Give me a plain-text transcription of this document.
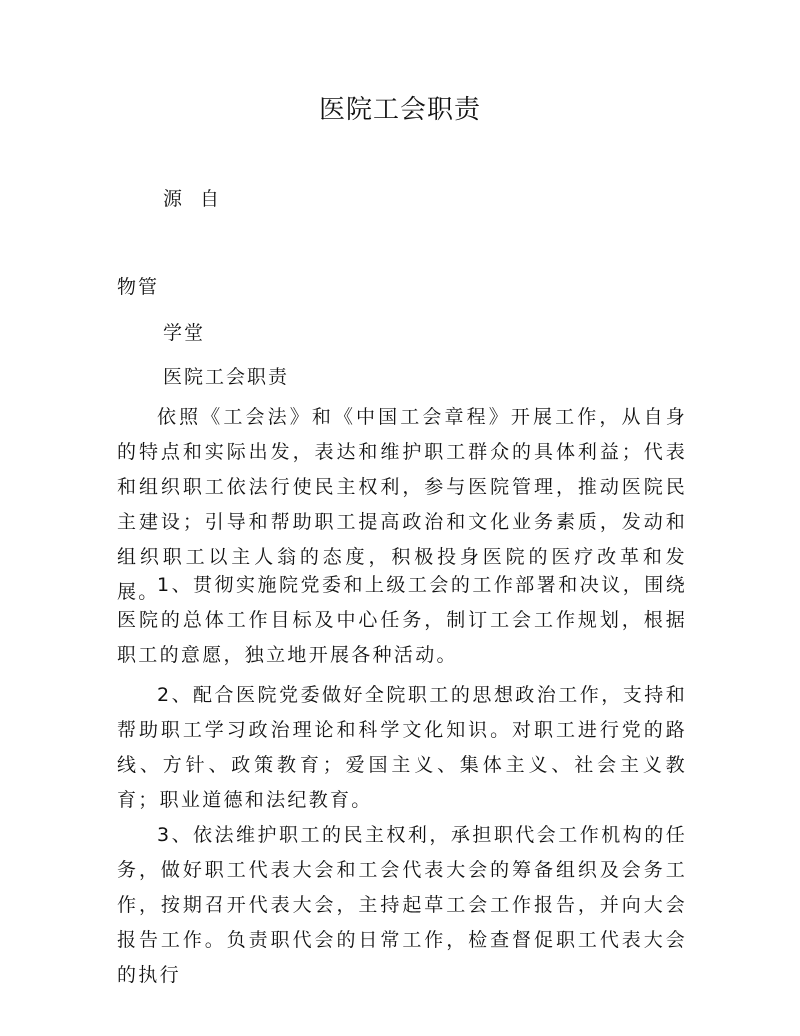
医院工会职责
源 自
物管
学堂
医院工会职责

依照《工会法》和《中国工会章程》开展工作，从自身的特点和实际出发，表达和维护职工群众的具体利益；代表和组织职工依法行使民主权利，参与医院管理，推动医院民主建设；引导和帮助职工提高政治和文化业务素质，发动和组织职工以主人翁的态度，积极投身医院的医疗改革和发展。

1、贯彻实施院党委和上级工会的工作部署和决议，围绕医院的总体工作目标及中心任务，制订工会工作规划，根据职工的意愿，独立地开展各种活动。

2、配合医院党委做好全院职工的思想政治工作，支持和帮助职工学习政治理论和科学文化知识。对职工进行党的路线、方针、政策教育；爱国主义、集体主义、社会主义教育；职业道德和法纪教育。

3、依法维护职工的民主权利，承担职代会工作机构的任务，做好职工代表大会和工会代表大会的筹备组织及会务工作，按期召开代表大会，主持起草工会工作报告，并向大会报告工作。负责职代会的日常工作，检查督促职工代表大会的执行
